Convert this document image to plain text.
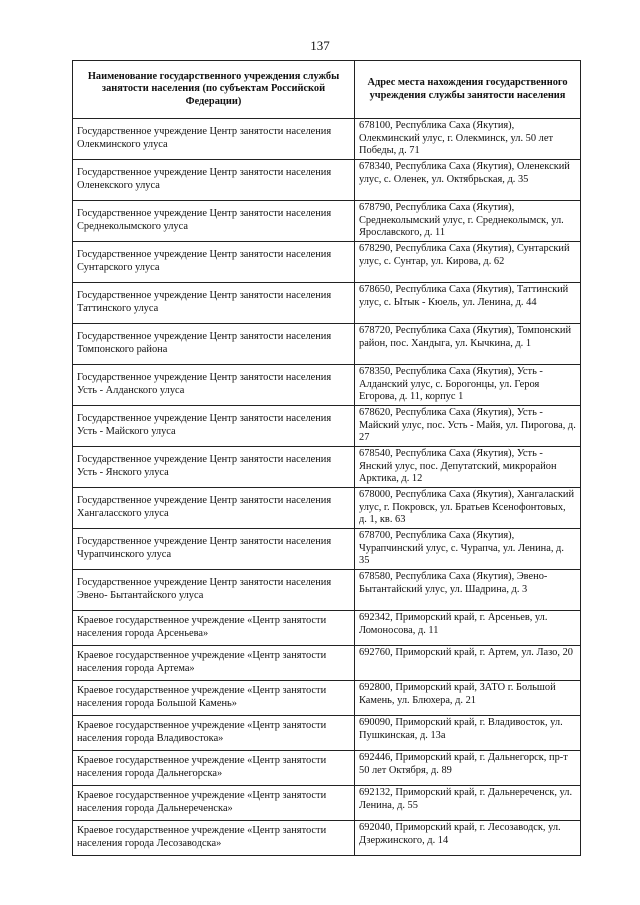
137
Наименование государственного учреждения службы занятости населения (по субъектам Российской Федерации)	Адрес места нахождения государственного учреждения службы занятости населения
Государственное учреждение Центр занятости населения Олекминского улуса	678100, Республика Саха (Якутия), Олекминский улус, г. Олекминск, ул. 50 лет Победы, д. 71
Государственное учреждение Центр занятости населения Оленекского улуса	678340, Республика Саха (Якутия), Оленекский улус, с. Оленек, ул. Октябрьская, д. 35
Государственное учреждение Центр занятости населения Среднеколымского улуса	678790, Республика Саха (Якутия), Среднеколымский улус, г. Среднеколымск, ул. Ярославского, д. 11
Государственное учреждение Центр занятости населения Сунтарского улуса	678290, Республика Саха (Якутия), Сунтарский улус, с. Сунтар, ул. Кирова, д. 62
Государственное учреждение Центр занятости населения Таттинского улуса	678650, Республика Саха (Якутия), Таттинский улус, с. Ытык - Кюель, ул. Ленина, д. 44
Государственное учреждение Центр занятости населения Томпонского района	678720, Республика Саха (Якутия), Томпонский район, пос. Хандыга, ул. Кычкина, д. 1
Государственное учреждение Центр занятости населения Усть - Алданского улуса	678350, Республика Саха (Якутия), Усть - Алданский улус, с. Борогонцы, ул. Героя Егорова, д. 11, корпус 1
Государственное учреждение Центр занятости населения Усть - Майского улуса	678620, Республика Саха (Якутия), Усть - Майский улус, пос. Усть - Майя, ул. Пирогова, д. 27
Государственное учреждение Центр занятости населения Усть - Янского улуса	678540, Республика Саха (Якутия), Усть - Янский улус, пос. Депутатский, микрорайон Арктика, д. 12
Государственное учреждение Центр занятости населения Хангаласского улуса	678000, Республика Саха (Якутия), Хангалаский улус, г. Покровск, ул. Братьев Ксенофонтовых, д. 1, кв. 63
Государственное учреждение Центр занятости населения Чурапчинского улуса	678700, Республика Саха (Якутия), Чурапчинский улус, с. Чурапча, ул. Ленина, д. 35
Государственное учреждение Центр занятости населения Эвено- Бытантайского улуса	678580, Республика Саха (Якутия), Эвено-Бытантайский улус, ул. Шадрина, д. 3
Краевое государственное учреждение «Центр занятости населения города Арсеньева»	692342, Приморский край, г. Арсеньев, ул. Ломоносова, д. 11
Краевое государственное учреждение «Центр занятости населения города Артема»	692760, Приморский край, г. Артем, ул. Лазо, 20
Краевое государственное учреждение «Центр занятости населения города Большой Камень»	692800, Приморский край, ЗАТО г. Большой Камень, ул. Блюхера, д. 21
Краевое государственное учреждение «Центр занятости населения города Владивостока»	690090, Приморский край, г. Владивосток, ул. Пушкинская, д. 13а
Краевое государственное учреждение «Центр занятости населения города Дальнегорска»	692446, Приморский край, г. Дальнегорск, пр-т 50 лет Октября, д. 89
Краевое государственное учреждение «Центр занятости населения города Дальнереченска»	692132, Приморский край, г. Дальнереченск, ул. Ленина, д. 55
Краевое государственное учреждение «Центр занятости населения города Лесозаводска»	692040, Приморский край, г. Лесозаводск, ул. Дзержинского, д. 14
